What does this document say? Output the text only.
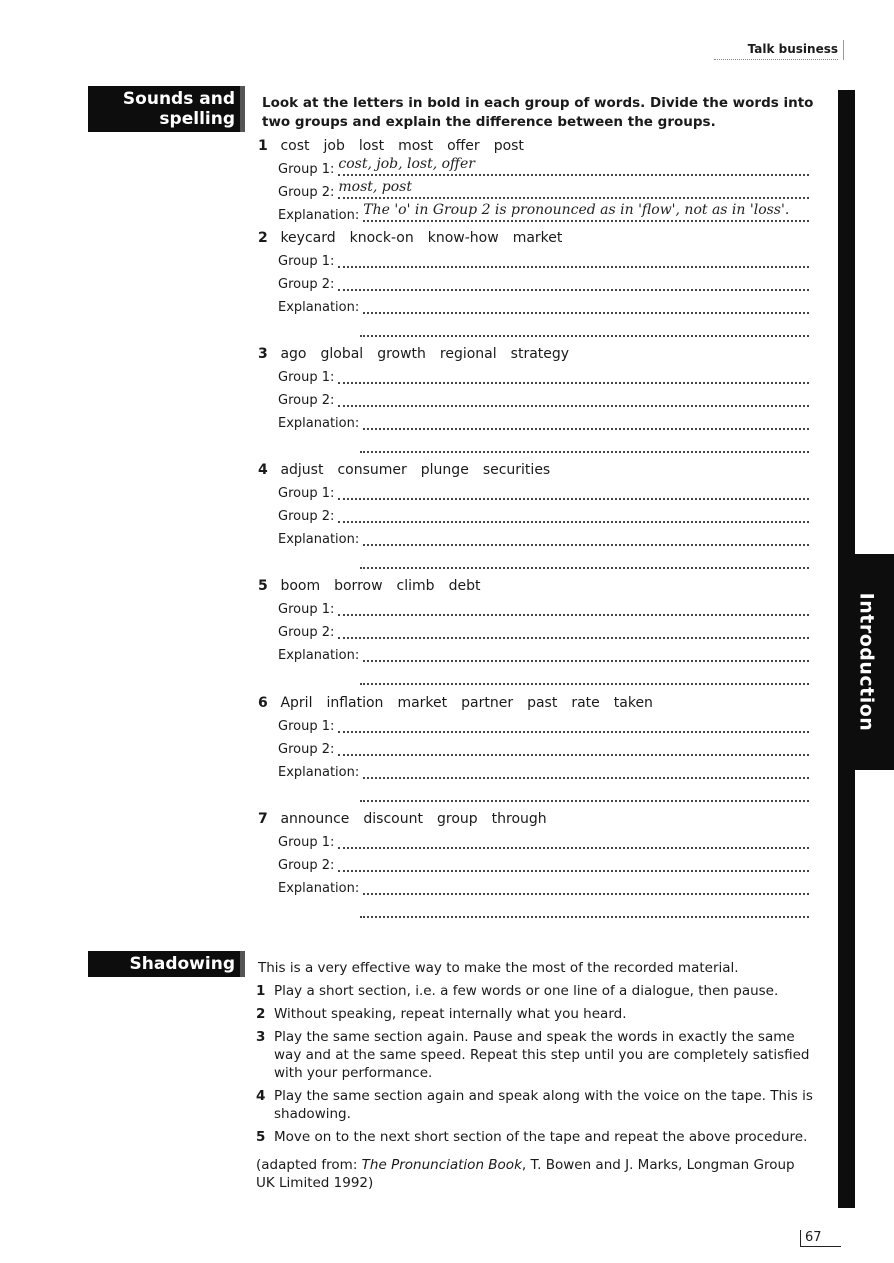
Talk business
Sounds and
spelling
Introduction
Look at the letters in bold in each group of words. Divide the words into two groups and explain the difference between the groups.
1 cost job lost most offer post
Group 1: cost, job, lost, offer
Group 2: most, post
Explanation: The 'o' in Group 2 is pronounced as in 'flow', not as in 'loss'.
2 keycard knock-on know-how market
Group 1:
Group 2:
Explanation:
3 ago global growth regional strategy
Group 1:
Group 2:
Explanation:
4 adjust consumer plunge securities
Group 1:
Group 2:
Explanation:
5 boom borrow climb debt
Group 1:
Group 2:
Explanation:
6 April inflation market partner past rate taken
Group 1:
Group 2:
Explanation:
7 announce discount group through
Group 1:
Group 2:
Explanation:
Shadowing	This is a very effective way to make the most of the recorded material.
1 Play a short section, i.e. a few words or one line of a dialogue, then pause.
2 Without speaking, repeat internally what you heard.
3 Play the same section again. Pause and speak the words in exactly the same way and at the same speed. Repeat this step until you are completely satisfied with your performance.
4 Play the same section again and speak along with the voice on the tape. This is shadowing.
5 Move on to the next short section of the tape and repeat the above procedure.
(adapted from: The Pronunciation Book, T. Bowen and J. Marks, Longman Group UK Limited 1992)
67
